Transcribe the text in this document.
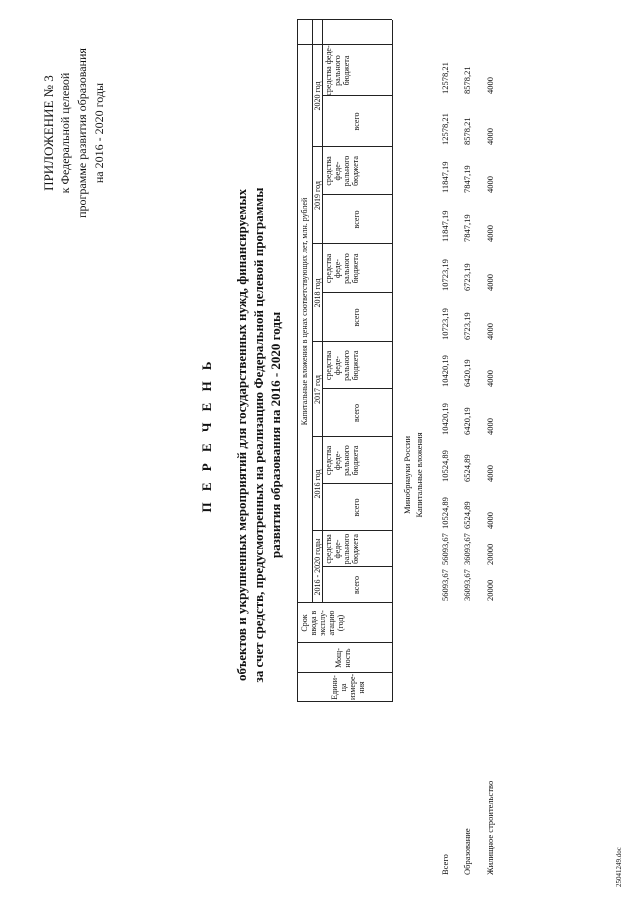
ПРИЛОЖЕНИЕ № 3 к Федеральной целевой программе развития образования на 2016 - 2020 годы
П Е Р Е Ч Е Н Ь объектов и укрупненных мероприятий для государственных нужд, финансируемых за счет средств, предусмотренных на реализацию Федеральной целевой программы развития образования на 2016 - 2020 годы
Едини- ца измере- ния
Мощ- ность
Срок ввода в эксплу- атацию (год)
Капитальные вложения в ценах соответствующих лет, млн. рублей
2016 - 2020 годы	всего
средства феде- рального бюджета
2016 год
всего
средства феде- рального бюджета
2017 год
всего
средства феде- рального бюджета
2018 год
всего
средства феде- рального бюджета
2019 год
всего
средства феде- рального бюджета
2020 год
всего
средства феде- рального бюджета
Минобрнауки России Капитальные вложения
Всего
56093,67
56093,67
10524,89
10524,89
10420,19
10420,19
10723,19
10723,19
11847,19
11847,19
12578,21
12578,21
Образование
36093,67
36093,67
6524,89
6524,89
6420,19
6420,19
6723,19
6723,19
7847,19
7847,19
8578,21
8578,21
Жилищное строительство
20000
20000
4000
4000
4000
4000
4000
4000
4000
4000
4000
4000
25041249.doc
